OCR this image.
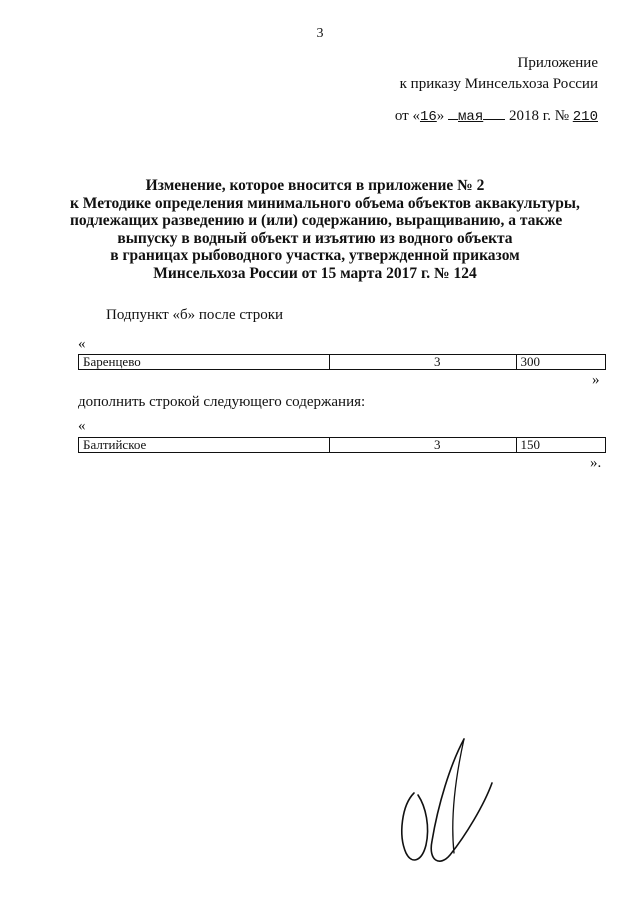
3
Приложение
к приказу Минсельхоза России
от «16» мая 2018 г. № 210
Изменение, которое вносится в приложение № 2
к Методике определения минимального объема объектов аквакультуры,
подлежащих разведению и (или) содержанию, выращиванию, а также
выпуску в водный объект и изъятию из водного объекта
в границах рыбоводного участка, утвержденной приказом
Минсельхоза России от 15 марта 2017 г. № 124
Подпункт «б» после строки
«
Баренцево	3	300
»
дополнить строкой следующего содержания:
«
Балтийское	3	150
».
